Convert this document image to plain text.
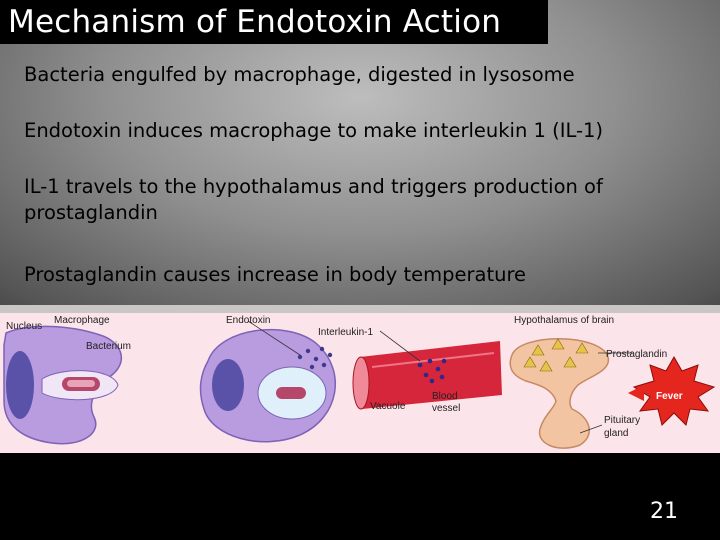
Mechanism of Endotoxin Action
Bacteria engulfed by macrophage, digested in lysosome
Endotoxin induces macrophage to make interleukin 1 (IL-1)
IL-1 travels to the hypothalamus and triggers production of prostaglandin
Prostaglandin causes increase in body temperature
Nucleus
Macrophage
Bacterium
Endotoxin
Interleukin-1
Vacuole
Blood
vessel
Hypothalamus of brain
Prostaglandin
Pituitary
gland
Fever
21
